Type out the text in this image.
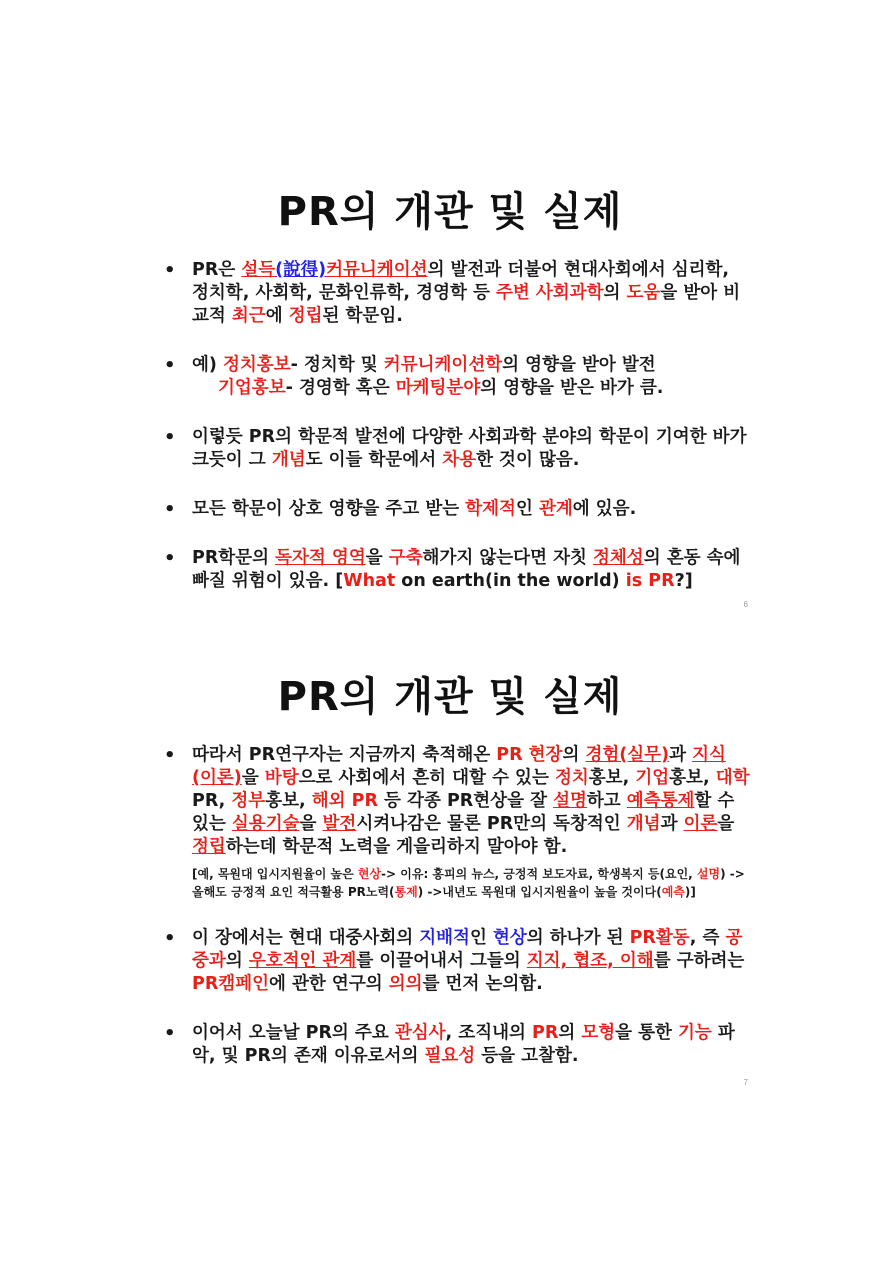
PR의 개관 및 실제
• PR은 설득(說得)커뮤니케이션의 발전과 더불어 현대사회에서 심리학, 정치학, 사회학, 문화인류학, 경영학 등 주변 사회과학의 도움을 받아 비교적 최근에 정립된 학문임.
• 예) 정치홍보- 정치학 및 커뮤니케이션학의 영향을 받아 발전
기업홍보- 경영학 혹은 마케팅분야의 영향을 받은 바가 큼.
• 이렇듯 PR의 학문적 발전에 다양한 사회과학 분야의 학문이 기여한 바가 크듯이 그 개념도 이들 학문에서 차용한 것이 많음.
• 모든 학문이 상호 영향을 주고 받는 학제적인 관계에 있음.
• PR학문의 독자적 영역을 구축해가지 않는다면 자칫 정체성의 혼동 속에 빠질 위험이 있음. [What on earth(in the world) is PR?]
6
PR의 개관 및 실제
• 따라서 PR연구자는 지금까지 축적해온 PR 현장의 경험(실무)과 지식(이론)을 바탕으로 사회에서 흔히 대할 수 있는 정치홍보, 기업홍보, 대학PR, 정부홍보, 해외 PR 등 각종 PR현상을 잘 설명하고 예측통제할 수 있는 실용기술을 발전시켜나감은 물론 PR만의 독창적인 개념과 이론을 정립하는데 학문적 노력을 게을리하지 말아야 함.
[예, 목원대 입시지원율이 높은 현상-> 이유: 홍피의 뉴스, 긍정적 보도자료, 학생복지 등(요인, 설명) -> 올해도 긍정적 요인 적극활용 PR노력(통제) ->내년도 목원대 입시지원율이 높을 것이다(예측)]
• 이 장에서는 현대 대중사회의 지배적인 현상의 하나가 된 PR활동, 즉 공중과의 우호적인 관계를 이끌어내서 그들의 지지, 협조, 이해를 구하려는 PR캠페인에 관한 연구의 의의를 먼저 논의함.
• 이어서 오늘날 PR의 주요 관심사, 조직내의 PR의 모형을 통한 기능 파악, 및 PR의 존재 이유로서의 필요성 등을 고찰함.
7
